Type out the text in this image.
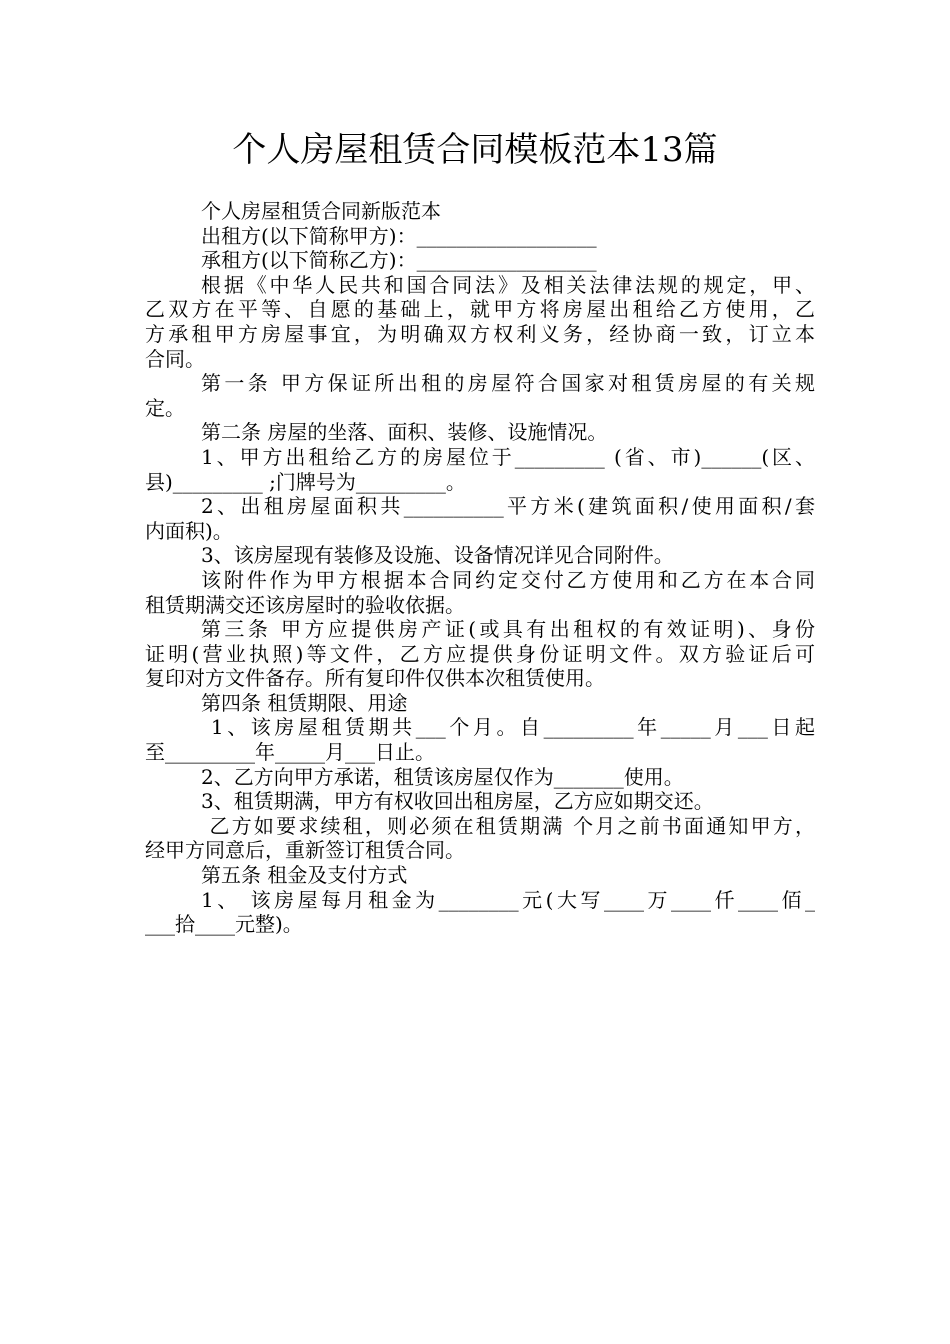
个人房屋租赁合同模板范本13篇

个人房屋租赁合同新版范本

出租方(以下简称甲方)：__________________

承租方(以下简称乙方)：__________________

根据《中华人民共和国合同法》及相关法律法规的规定，甲、

乙双方在平等、自愿的基础上，就甲方将房屋出租给乙方使用，乙

方承租甲方房屋事宜，为明确双方权利义务，经协商一致，订立本

合同。

第一条 甲方保证所出租的房屋符合国家对租赁房屋的有关规

定。

第二条 房屋的坐落、面积、装修、设施情况。

1、甲方出租给乙方的房屋位于_________ (省、市)______(区、

县)_________ ;门牌号为_________。

2、出租房屋面积共__________平方米(建筑面积/使用面积/套

内面积)。

3、该房屋现有装修及设施、设备情况详见合同附件。

该附件作为甲方根据本合同约定交付乙方使用和乙方在本合同

租赁期满交还该房屋时的验收依据。

第三条 甲方应提供房产证(或具有出租权的有效证明)、身份

证明(营业执照)等文件，乙方应提供身份证明文件。双方验证后可

复印对方文件备存。所有复印件仅供本次租赁使用。

第四条 租赁期限、用途

1、该房屋租赁期共___个月。自_________年_____月___日起

至_________年_____月___日止。

2、乙方向甲方承诺，租赁该房屋仅作为_______使用。

3、租赁期满，甲方有权收回出租房屋，乙方应如期交还。

乙方如要求续租，则必须在租赁期满 个月之前书面通知甲方，

经甲方同意后，重新签订租赁合同。

第五条 租金及支付方式

1、 该房屋每月租金为________元(大写____万____仟____佰_

___拾____元整)。
